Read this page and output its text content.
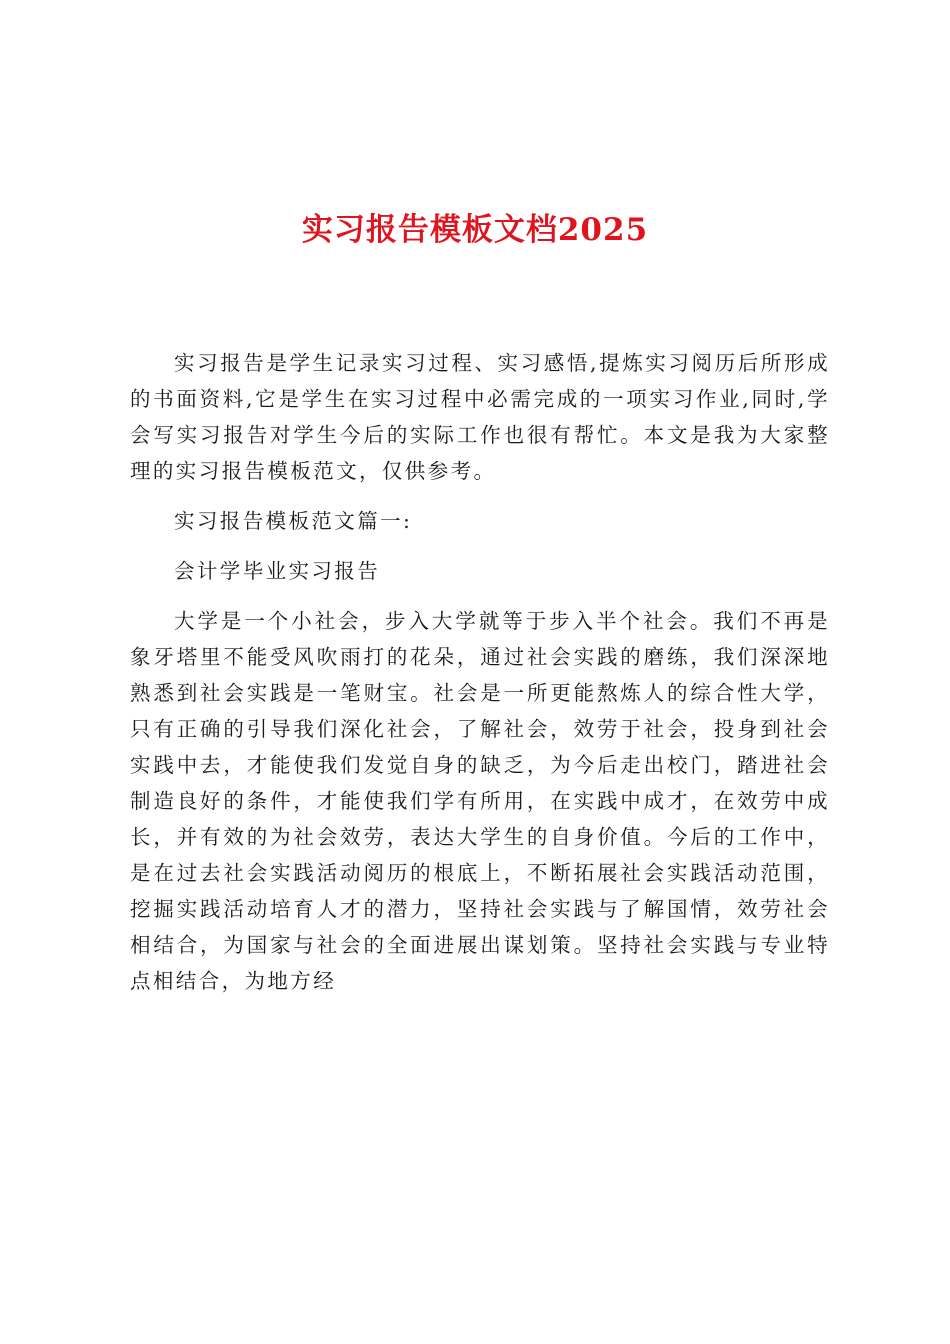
实习报告模板文档2025

实习报告是学生记录实习过程、实习感悟,提炼实习阅历后所形成的书面资料,它是学生在实习过程中必需完成的一项实习作业,同时,学会写实习报告对学生今后的实际工作也很有帮忙。本文是我为大家整理的实习报告模板范文，仅供参考。

实习报告模板范文篇一:

会计学毕业实习报告

大学是一个小社会，步入大学就等于步入半个社会。我们不再是象牙塔里不能受风吹雨打的花朵，通过社会实践的磨练，我们深深地熟悉到社会实践是一笔财宝。社会是一所更能熬炼人的综合性大学，只有正确的引导我们深化社会，了解社会，效劳于社会，投身到社会实践中去，才能使我们发觉自身的缺乏，为今后走出校门，踏进社会制造良好的条件，才能使我们学有所用，在实践中成才，在效劳中成长，并有效的为社会效劳，表达大学生的自身价值。今后的工作中，是在过去社会实践活动阅历的根底上，不断拓展社会实践活动范围，挖掘实践活动培育人才的潜力，坚持社会实践与了解国情，效劳社会相结合，为国家与社会的全面进展出谋划策。坚持社会实践与专业特点相结合，为地方经
